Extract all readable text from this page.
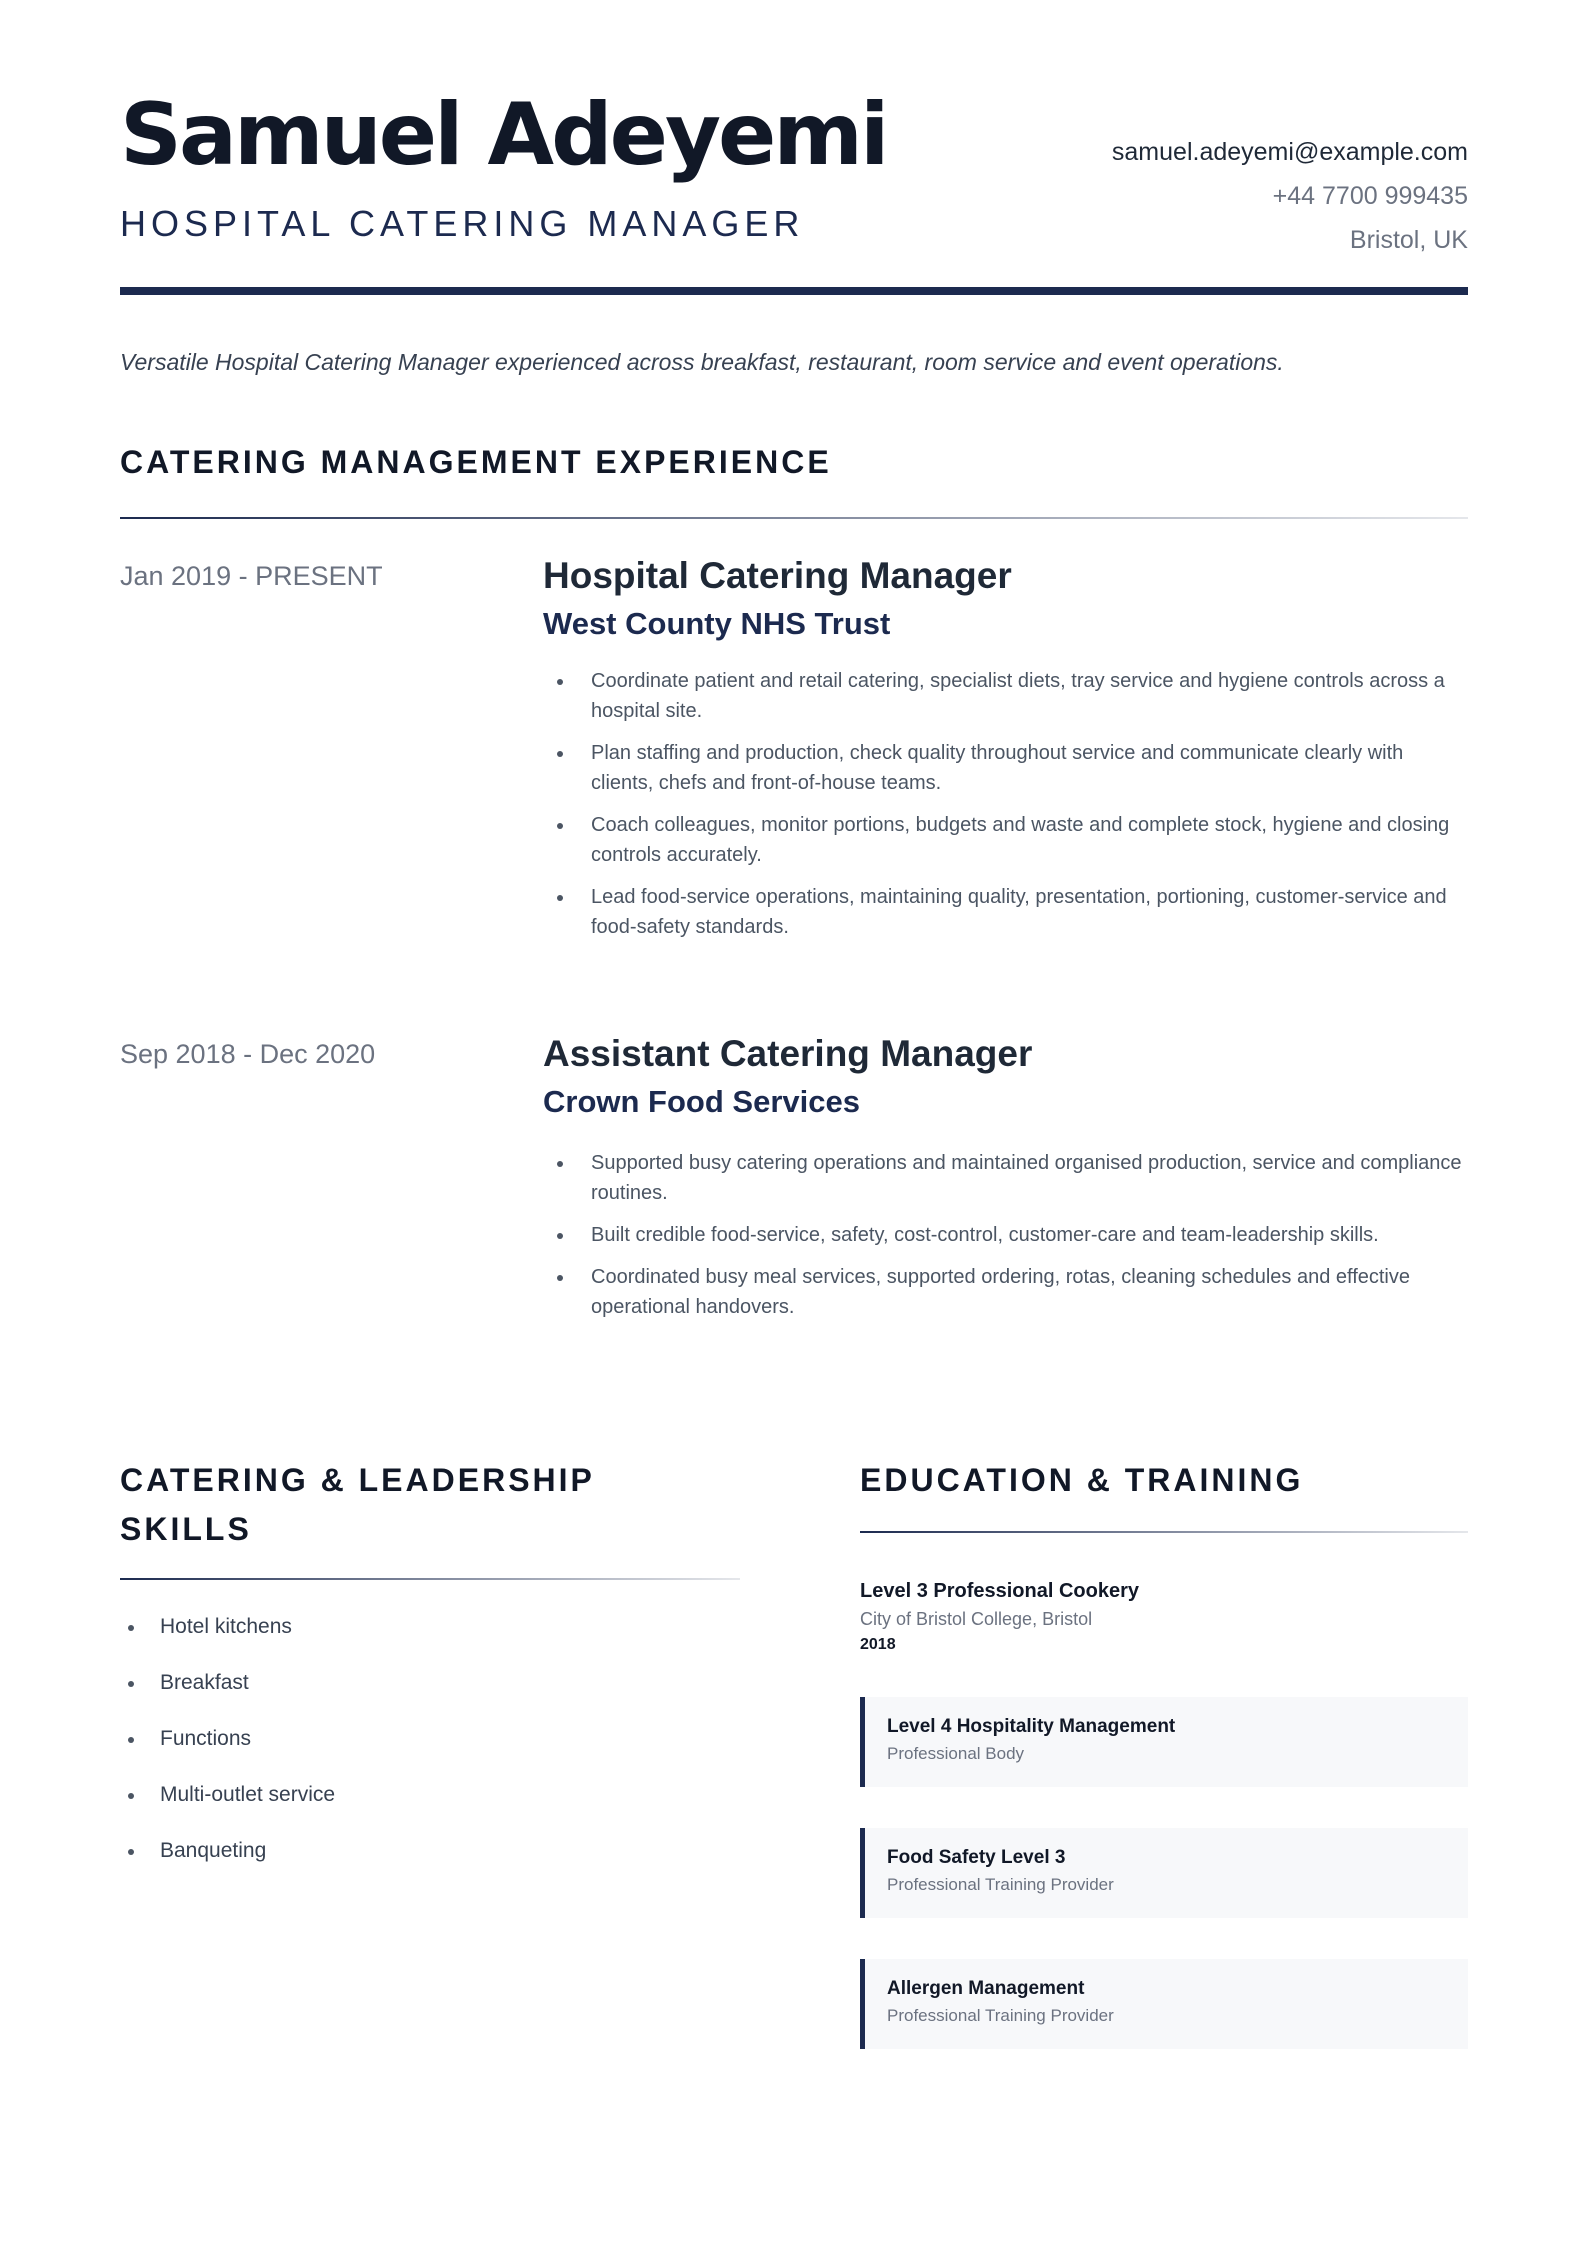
Samuel Adeyemi
HOSPITAL CATERING MANAGER
samuel.adeyemi@example.com
+44 7700 999435
Bristol, UK
Versatile Hospital Catering Manager experienced across breakfast, restaurant, room service and event operations.
CATERING MANAGEMENT EXPERIENCE
Jan 2019 - PRESENT	Hospital Catering Manager
West County NHS Trust
Coordinate patient and retail catering, specialist diets, tray service and hygiene controls across a hospital site.
Plan staffing and production, check quality throughout service and communicate clearly with clients, chefs and front-of-house teams.
Coach colleagues, monitor portions, budgets and waste and complete stock, hygiene and closing controls accurately.
Lead food-service operations, maintaining quality, presentation, portioning, customer-service and food-safety standards.
Sep 2018 - Dec 2020	Assistant Catering Manager
Crown Food Services
Supported busy catering operations and maintained organised production, service and compliance routines.
Built credible food-service, safety, cost-control, customer-care and team-leadership skills.
Coordinated busy meal services, supported ordering, rotas, cleaning schedules and effective operational handovers.
CATERING & LEADERSHIP
SKILLS
Hotel kitchens
Breakfast
Functions
Multi-outlet service
Banqueting
EDUCATION & TRAINING
Level 3 Professional Cookery
City of Bristol College, Bristol
2018
Level 4 Hospitality Management
Professional Body
Food Safety Level 3
Professional Training Provider
Allergen Management
Professional Training Provider
